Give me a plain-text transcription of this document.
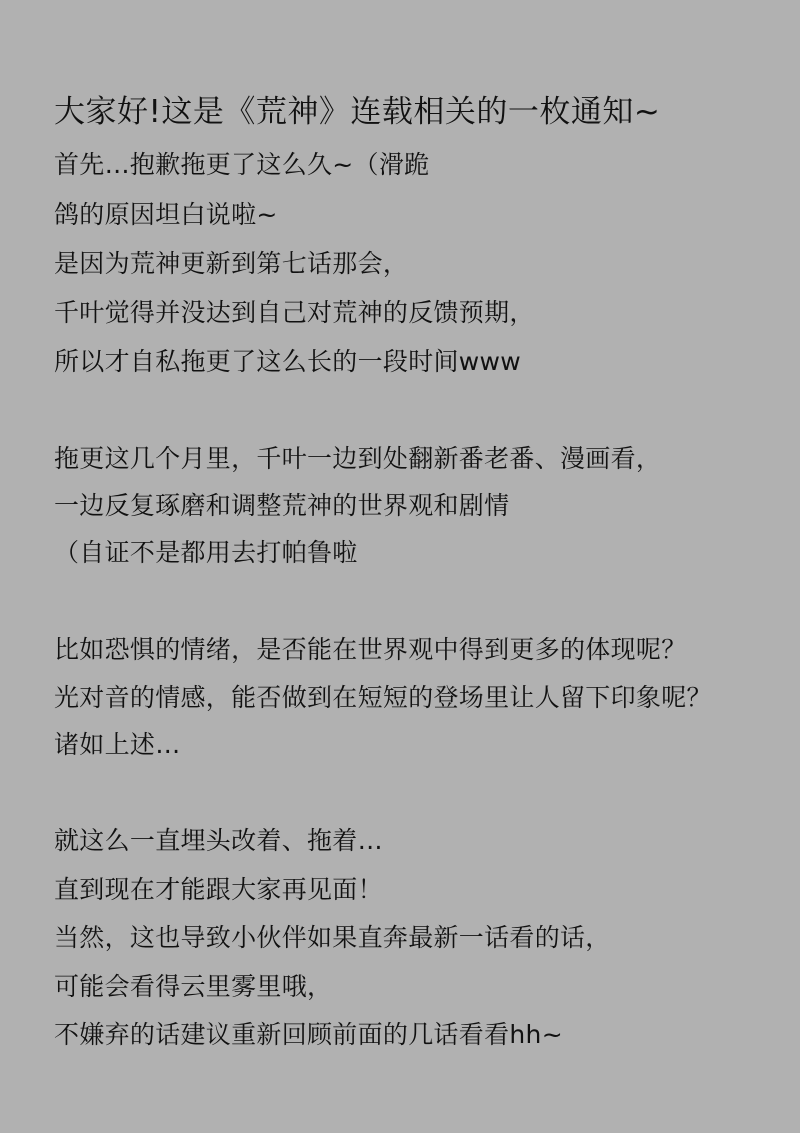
大家好!这是《荒神》连载相关的一枚通知~
首先…抱歉拖更了这么久~（滑跪
鸽的原因坦白说啦~
是因为荒神更新到第七话那会，
千叶觉得并没达到自己对荒神的反馈预期，
所以才自私拖更了这么长的一段时间www
拖更这几个月里，千叶一边到处翻新番老番、漫画看，
一边反复琢磨和调整荒神的世界观和剧情
（自证不是都用去打帕鲁啦
比如恐惧的情绪，是否能在世界观中得到更多的体现呢？
光对音的情感，能否做到在短短的登场里让人留下印象呢？
诸如上述…
就这么一直埋头改着、拖着…
直到现在才能跟大家再见面！
当然，这也导致小伙伴如果直奔最新一话看的话，
可能会看得云里雾里哦，
不嫌弃的话建议重新回顾前面的几话看看hh~
